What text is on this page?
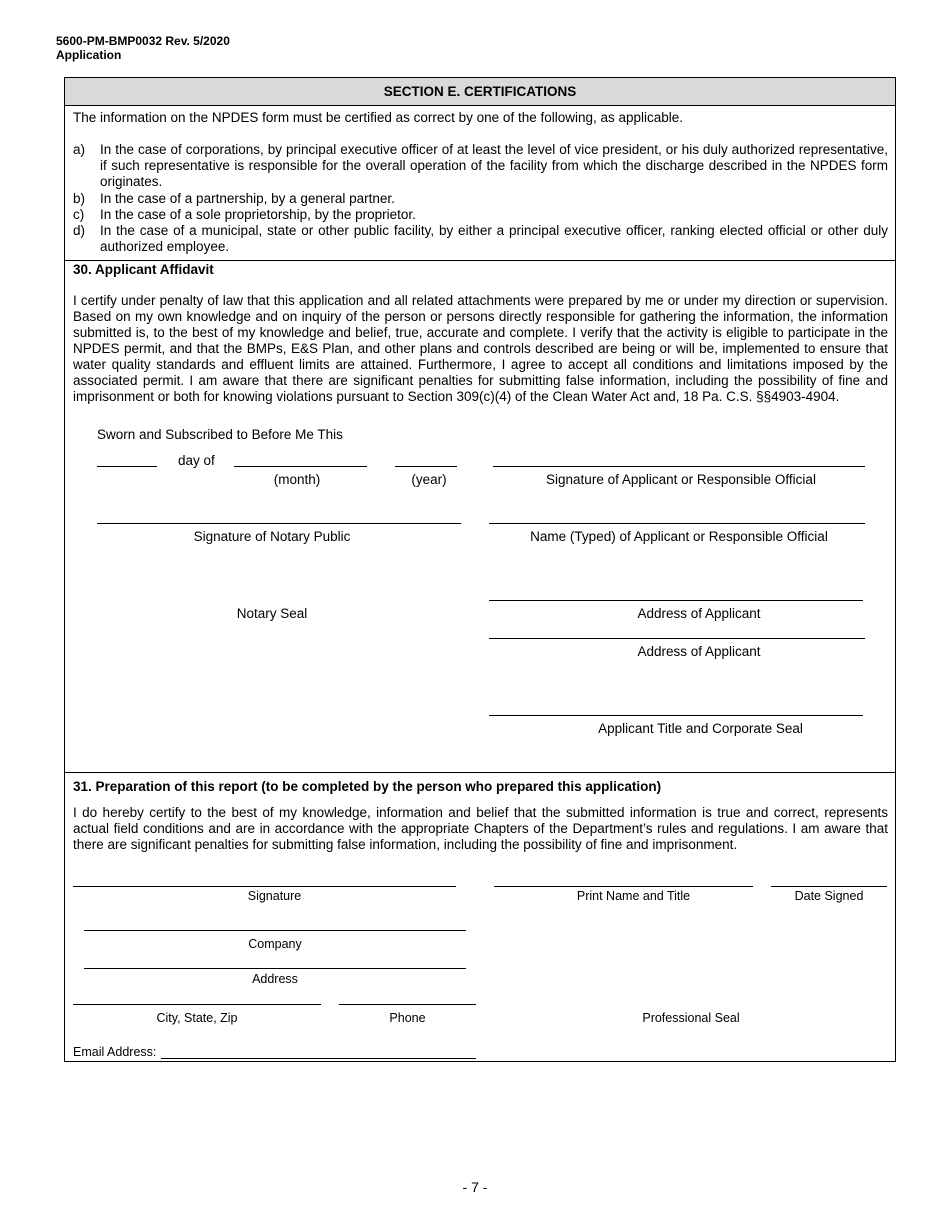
5600-PM-BMP0032 Rev. 5/2020
Application
SECTION E. CERTIFICATIONS
The information on the NPDES form must be certified as correct by one of the following, as applicable.
a) In the case of corporations, by principal executive officer of at least the level of vice president, or his duly authorized representative, if such representative is responsible for the overall operation of the facility from which the discharge described in the NPDES form originates.
b) In the case of a partnership, by a general partner.
c) In the case of a sole proprietorship, by the proprietor.
d) In the case of a municipal, state or other public facility, by either a principal executive officer, ranking elected official or other duly authorized employee.
30. Applicant Affidavit
I certify under penalty of law that this application and all related attachments were prepared by me or under my direction or supervision. Based on my own knowledge and on inquiry of the person or persons directly responsible for gathering the information, the information submitted is, to the best of my knowledge and belief, true, accurate and complete. I verify that the activity is eligible to participate in the NPDES permit, and that the BMPs, E&S Plan, and other plans and controls described are being or will be, implemented to ensure that water quality standards and effluent limits are attained. Furthermore, I agree to accept all conditions and limitations imposed by the associated permit. I am aware that there are significant penalties for submitting false information, including the possibility of fine and imprisonment or both for knowing violations pursuant to Section 309(c)(4) of the Clean Water Act and, 18 Pa. C.S. §§4903-4904.
Sworn and Subscribed to Before Me This
day of
(month)	(year)	Signature of Applicant or Responsible Official
Signature of Notary Public	Name (Typed) of Applicant or Responsible Official
Notary Seal	Address of Applicant
Address of Applicant
Applicant Title and Corporate Seal
31. Preparation of this report (to be completed by the person who prepared this application)
I do hereby certify to the best of my knowledge, information and belief that the submitted information is true and correct, represents actual field conditions and are in accordance with the appropriate Chapters of the Department’s rules and regulations. I am aware that there are significant penalties for submitting false information, including the possibility of fine and imprisonment.
Signature	Print Name and Title	Date Signed
Company
Address
City, State, Zip	Phone	Professional Seal
Email Address:
- 7 -
